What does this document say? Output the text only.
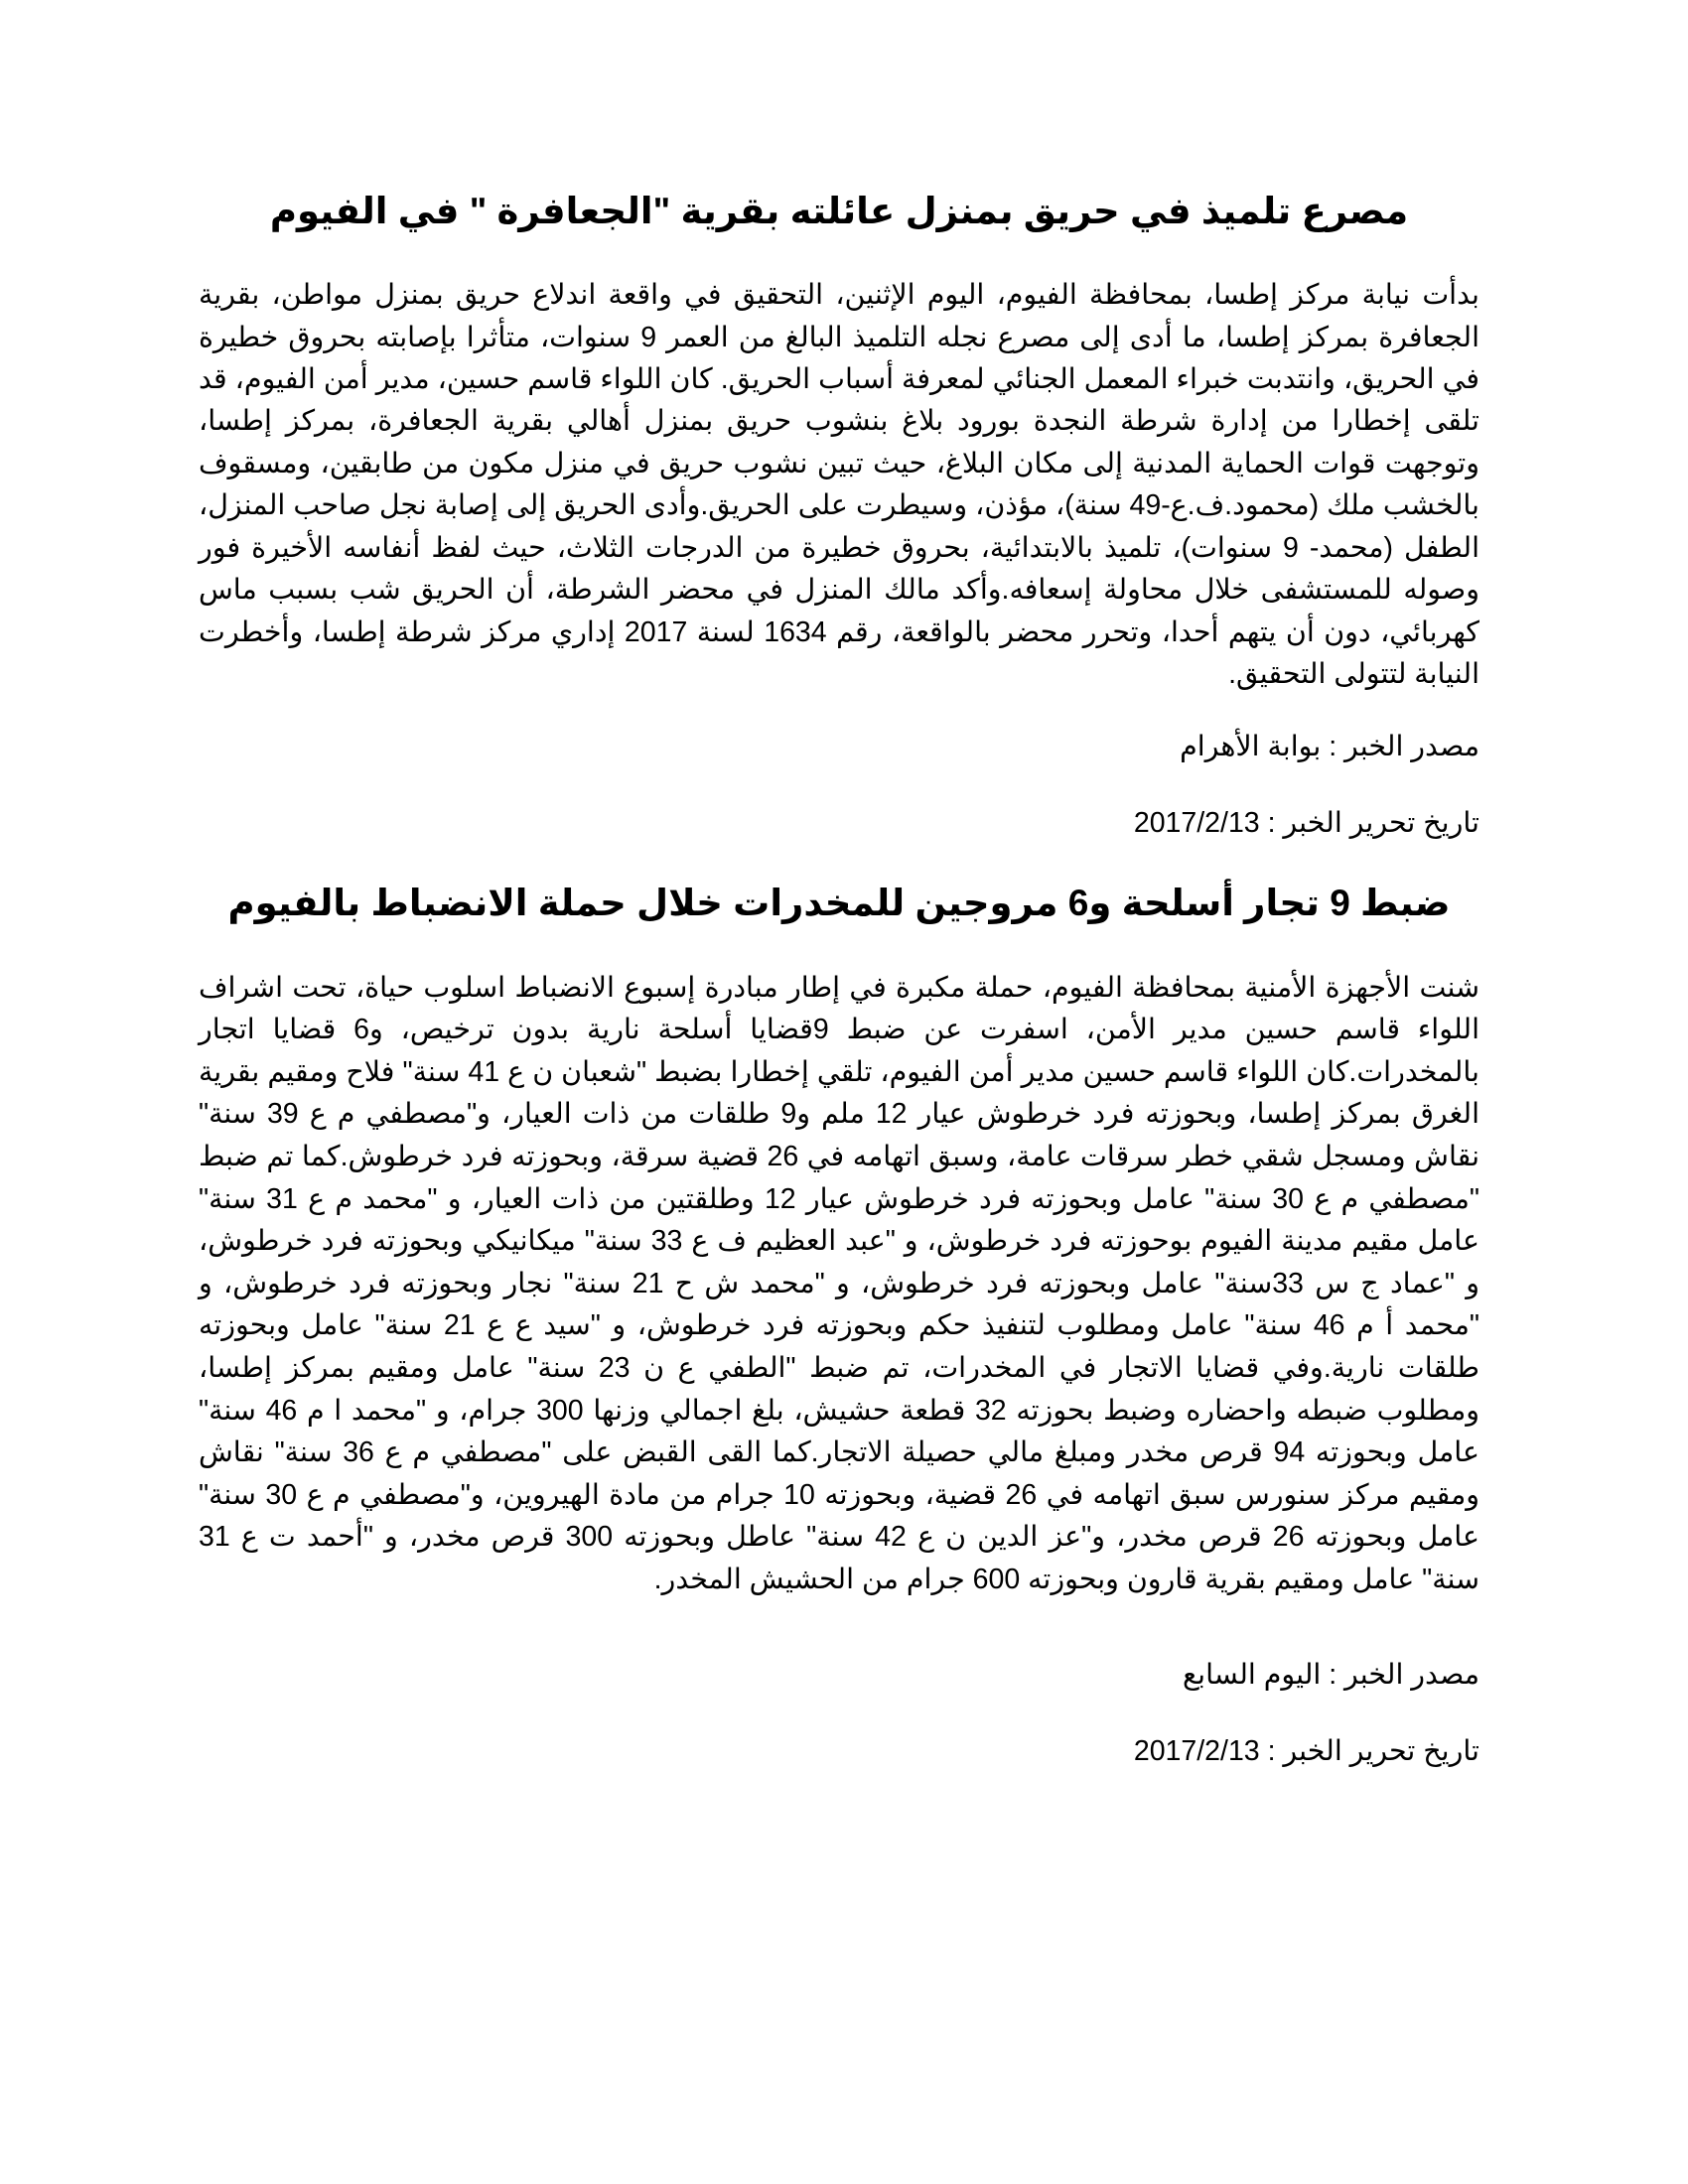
مصرع تلميذ في حريق بمنزل عائلته بقرية "الجعافرة " في الفيوم

بدأت نيابة مركز إطسا، بمحافظة الفيوم، اليوم الإثنين، التحقيق في واقعة اندلاع حريق بمنزل مواطن، بقرية الجعافرة بمركز إطسا، ما أدى إلى مصرع نجله التلميذ البالغ من العمر 9 سنوات، متأثرا بإصابته بحروق خطيرة في الحريق، وانتدبت خبراء المعمل الجنائي لمعرفة أسباب الحريق. كان اللواء قاسم حسين، مدير أمن الفيوم، قد تلقى إخطارا من إدارة شرطة النجدة بورود بلاغ بنشوب حريق بمنزل أهالي بقرية الجعافرة، بمركز إطسا، وتوجهت قوات الحماية المدنية إلى مكان البلاغ، حيث تبين نشوب حريق في منزل مكون من طابقين، ومسقوف بالخشب ملك (محمود.ف.ع-49 سنة)، مؤذن، وسيطرت على الحريق.وأدى الحريق إلى إصابة نجل صاحب المنزل، الطفل (محمد- 9 سنوات)، تلميذ بالابتدائية، بحروق خطيرة من الدرجات الثلاث، حيث لفظ أنفاسه الأخيرة فور وصوله للمستشفى خلال محاولة إسعافه.وأكد مالك المنزل في محضر الشرطة، أن الحريق شب بسبب ماس كهربائي، دون أن يتهم أحدا، وتحرر محضر بالواقعة، رقم 1634 لسنة 2017 إداري مركز شرطة إطسا، وأخطرت النيابة لتتولى التحقيق.

مصدر الخبر : بوابة الأهرام

تاريخ تحرير الخبر : 2017/2/13

ضبط 9 تجار أسلحة و6 مروجين للمخدرات خلال حملة الانضباط بالفيوم

شنت الأجهزة الأمنية بمحافظة الفيوم، حملة مكبرة في إطار مبادرة إسبوع الانضباط اسلوب حياة، تحت اشراف اللواء قاسم حسين مدير الأمن، اسفرت عن ضبط 9قضايا أسلحة نارية بدون ترخيص، و6 قضايا اتجار بالمخدرات.كان اللواء قاسم حسين مدير أمن الفيوم، تلقي إخطارا بضبط "شعبان ن ع 41 سنة" فلاح ومقيم بقرية الغرق بمركز إطسا، وبحوزته فرد خرطوش عيار 12 ملم و9 طلقات من ذات العيار، و"مصطفي م ع 39 سنة" نقاش ومسجل شقي خطر سرقات عامة، وسبق اتهامه في 26 قضية سرقة، وبحوزته فرد خرطوش.كما تم ضبط "مصطفي م ع 30 سنة" عامل وبحوزته فرد خرطوش عيار 12 وطلقتين من ذات العيار، و "محمد م ع 31 سنة" عامل مقيم مدينة الفيوم بوحوزته فرد خرطوش، و "عبد العظيم ف ع 33 سنة" ميكانيكي وبحوزته فرد خرطوش، و "عماد ج س 33سنة" عامل وبحوزته فرد خرطوش، و "محمد ش ح 21 سنة" نجار وبحوزته فرد خرطوش، و "محمد أ م 46 سنة" عامل ومطلوب لتنفيذ حكم وبحوزته فرد خرطوش، و "سيد ع ع 21 سنة" عامل وبحوزته طلقات نارية.وفي قضايا الاتجار في المخدرات، تم ضبط "الطفي ع ن 23 سنة" عامل ومقيم بمركز إطسا، ومطلوب ضبطه واحضاره وضبط بحوزته 32 قطعة حشيش، بلغ اجمالي وزنها 300 جرام، و "محمد ا م 46 سنة" عامل وبحوزته 94 قرص مخدر ومبلغ مالي حصيلة الاتجار.كما القى القبض على "مصطفي م ع 36 سنة" نقاش ومقيم مركز سنورس سبق اتهامه في 26 قضية، وبحوزته 10 جرام من مادة الهيروين، و"مصطفي م ع 30 سنة" عامل وبحوزته 26 قرص مخدر، و"عز الدين ن ع 42 سنة" عاطل وبحوزته 300 قرص مخدر، و "أحمد ت ع 31 سنة" عامل ومقيم بقرية قارون وبحوزته 600 جرام من الحشيش المخدر.

مصدر الخبر : اليوم السابع

تاريخ تحرير الخبر : 2017/2/13
